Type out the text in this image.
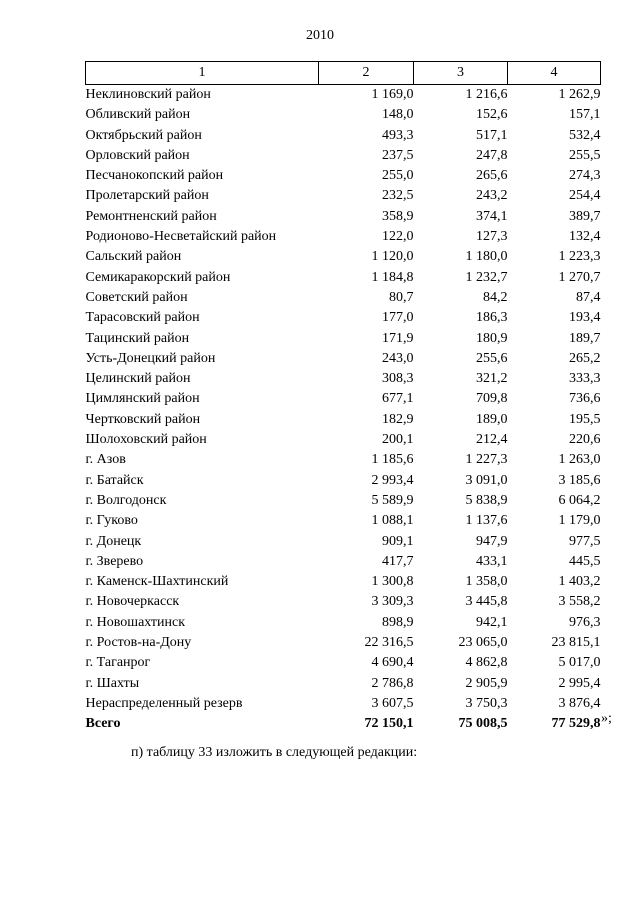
2010
1	2	3	4
Неклиновский район	1 169,0	1 216,6	1 262,9
Обливский район	148,0	152,6	157,1
Октябрьский район	493,3	517,1	532,4
Орловский район	237,5	247,8	255,5
Песчанокопский район	255,0	265,6	274,3
Пролетарский район	232,5	243,2	254,4
Ремонтненский район	358,9	374,1	389,7
Родионово-Несветайский район	122,0	127,3	132,4
Сальский район	1 120,0	1 180,0	1 223,3
Семикаракорский район	1 184,8	1 232,7	1 270,7
Советский район	80,7	84,2	87,4
Тарасовский район	177,0	186,3	193,4
Тацинский район	171,9	180,9	189,7
Усть-Донецкий район	243,0	255,6	265,2
Целинский район	308,3	321,2	333,3
Цимлянский район	677,1	709,8	736,6
Чертковский район	182,9	189,0	195,5
Шолоховский район	200,1	212,4	220,6
г. Азов	1 185,6	1 227,3	1 263,0
г. Батайск	2 993,4	3 091,0	3 185,6
г. Волгодонск	5 589,9	5 838,9	6 064,2
г. Гуково	1 088,1	1 137,6	1 179,0
г. Донецк	909,1	947,9	977,5
г. Зверево	417,7	433,1	445,5
г. Каменск-Шахтинский	1 300,8	1 358,0	1 403,2
г. Новочеркасск	3 309,3	3 445,8	3 558,2
г. Новошахтинск	898,9	942,1	976,3
г. Ростов-на-Дону	22 316,5	23 065,0	23 815,1
г. Таганрог	4 690,4	4 862,8	5 017,0
г. Шахты	2 786,8	2 905,9	2 995,4
Нераспределенный резерв	3 607,5	3 750,3	3 876,4
Всего	72 150,1	75 008,5	77 529,8 »;
п) таблицу 33 изложить в следующей редакции:
